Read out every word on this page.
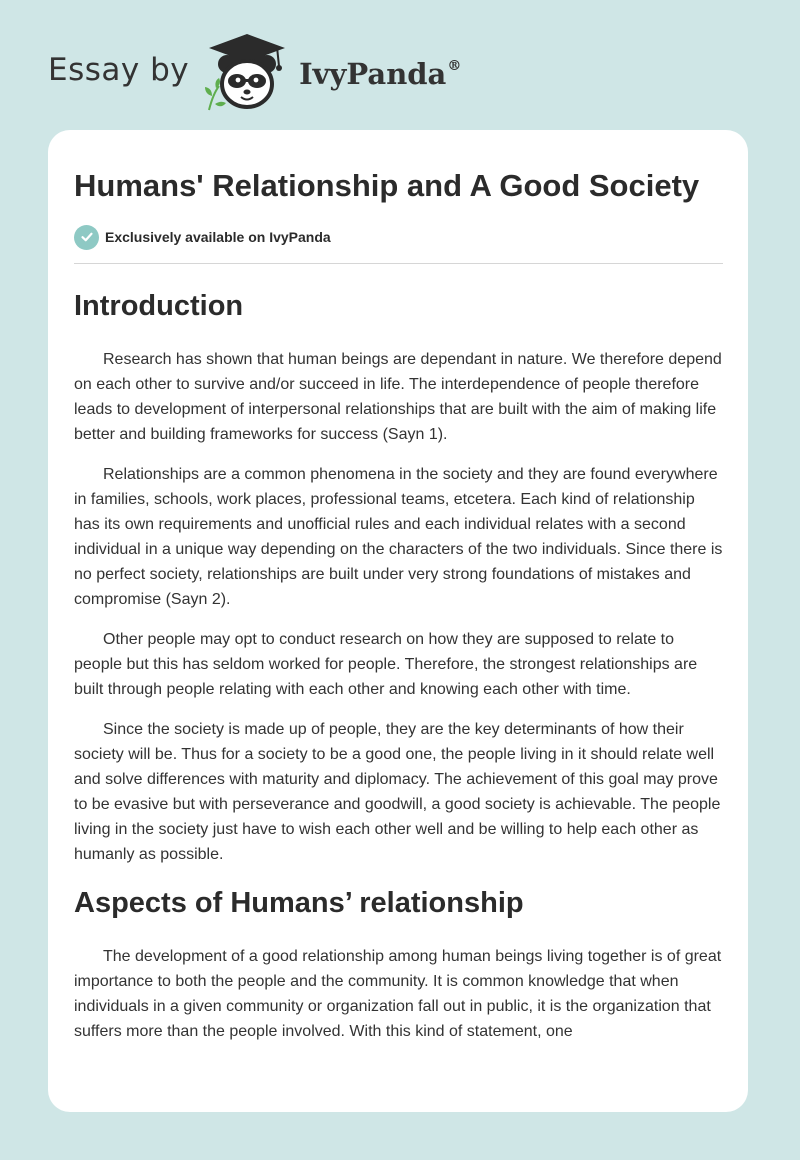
Essay by	IvyPanda®
Humans' Relationship and A Good Society
Exclusively available on IvyPanda
Introduction

Research has shown that human beings are dependant in nature. We therefore depend on each other to survive and/or succeed in life. The interdependence of people therefore leads to development of interpersonal relationships that are built with the aim of making life better and building frameworks for success (Sayn 1).

Relationships are a common phenomena in the society and they are found everywhere in families, schools, work places, professional teams, etcetera. Each kind of relationship has its own requirements and unofficial rules and each individual relates with a second individual in a unique way depending on the characters of the two individuals. Since there is no perfect society, relationships are built under very strong foundations of mistakes and compromise (Sayn 2).

Other people may opt to conduct research on how they are supposed to relate to people but this has seldom worked for people. Therefore, the strongest relationships are built through people relating with each other and knowing each other with time.

Since the society is made up of people, they are the key determinants of how their society will be. Thus for a society to be a good one, the people living in it should relate well and solve differences with maturity and diplomacy. The achievement of this goal may prove to be evasive but with perseverance and goodwill, a good society is achievable. The people living in the society just have to wish each other well and be willing to help each other as humanly as possible.

Aspects of Humans’ relationship

The development of a good relationship among human beings living together is of great importance to both the people and the community. It is common knowledge that when individuals in a given community or organization fall out in public, it is the organization that suffers more than the people involved. With this kind of statement, one
